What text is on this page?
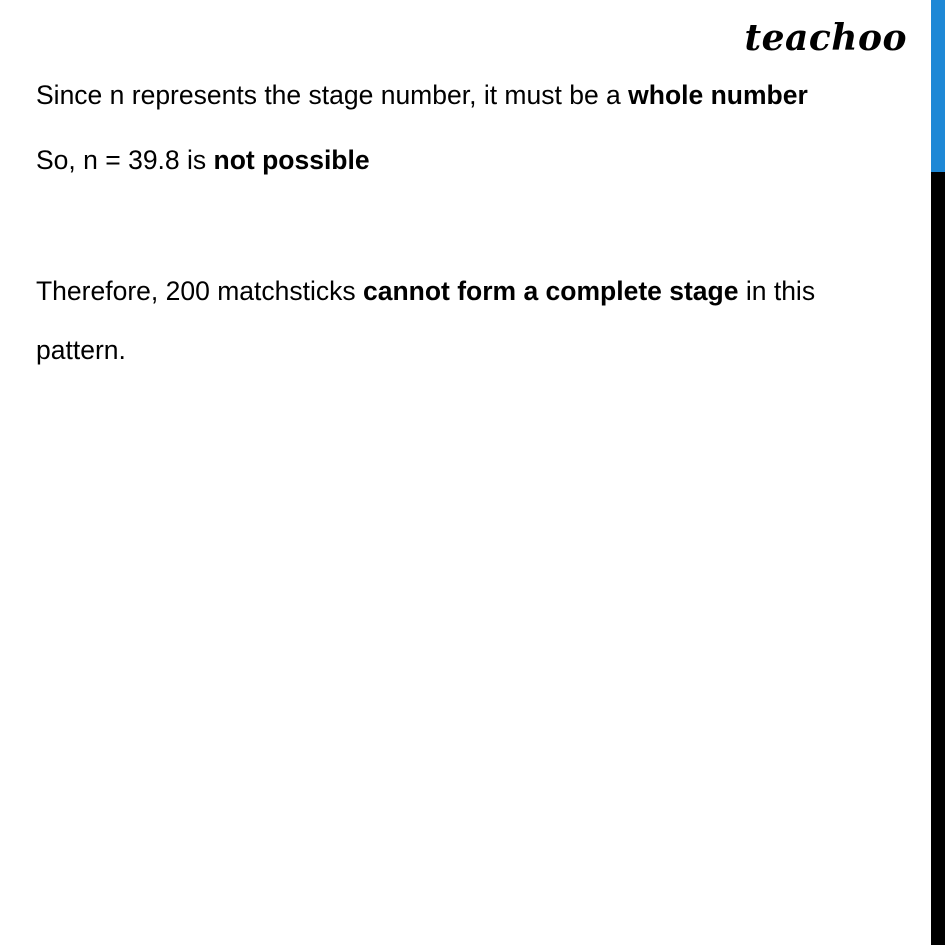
teachoo
Since n represents the stage number, it must be a whole number
So, n = 39.8 is not possible
Therefore, 200 matchsticks cannot form a complete stage in this
pattern.
